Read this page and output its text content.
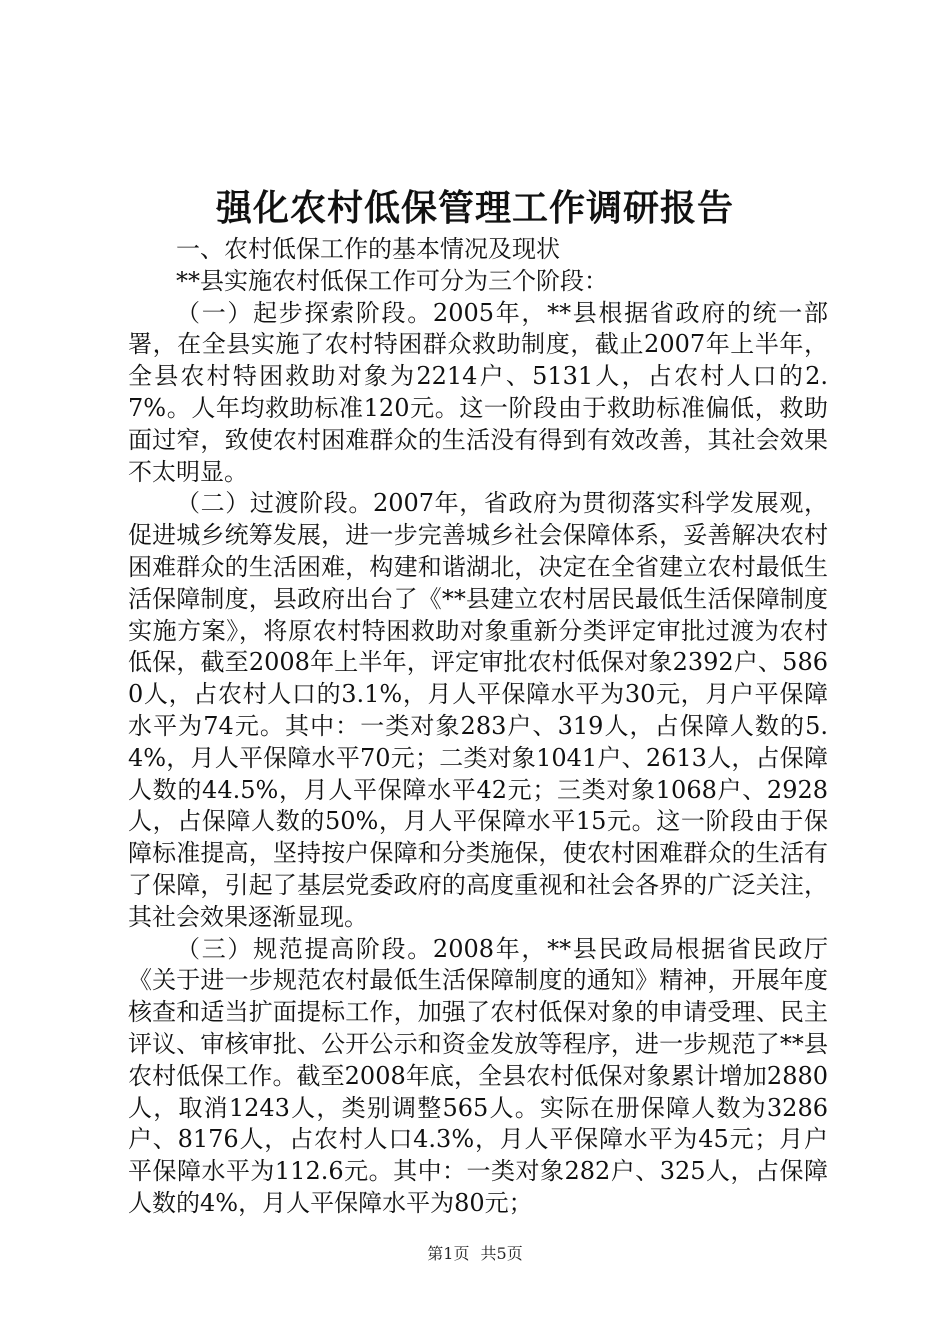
强化农村低保管理工作调研报告

一、农村低保工作的基本情况及现状

**县实施农村低保工作可分为三个阶段：

（一）起步探索阶段。2005年，**县根据省政府的统一部署，在全县实施了农村特困群众救助制度，截止2007年上半年，全县农村特困救助对象为2214户、5131人，占农村人口的2.7%。人年均救助标准120元。这一阶段由于救助标准偏低，救助面过窄，致使农村困难群众的生活没有得到有效改善，其社会效果不太明显。

（二）过渡阶段。2007年，省政府为贯彻落实科学发展观，促进城乡统筹发展，进一步完善城乡社会保障体系，妥善解决农村困难群众的生活困难，构建和谐湖北，决定在全省建立农村最低生活保障制度，县政府出台了《**县建立农村居民最低生活保障制度实施方案》，将原农村特困救助对象重新分类评定审批过渡为农村低保，截至2008年上半年，评定审批农村低保对象2392户、5860人，占农村人口的3.1%，月人平保障水平为30元，月户平保障水平为74元。其中：一类对象283户、319人，占保障人数的5.4%，月人平保障水平70元；二类对象1041户、2613人，占保障人数的44.5%，月人平保障水平42元；三类对象1068户、2928人，占保障人数的50%，月人平保障水平15元。这一阶段由于保障标准提高，坚持按户保障和分类施保，使农村困难群众的生活有了保障，引起了基层党委政府的高度重视和社会各界的广泛关注，其社会效果逐渐显现。

（三）规范提高阶段。2008年，**县民政局根据省民政厅《关于进一步规范农村最低生活保障制度的通知》精神，开展年度核查和适当扩面提标工作，加强了农村低保对象的申请受理、民主评议、审核审批、公开公示和资金发放等程序，进一步规范了**县农村低保工作。截至2008年底，全县农村低保对象累计增加2880人，取消1243人，类别调整565人。实际在册保障人数为3286户、8176人，占农村人口4.3%，月人平保障水平为45元；月户平保障水平为112.6元。其中：一类对象282户、325人，占保障人数的4%，月人平保障水平为80元；

第1页 共5页
